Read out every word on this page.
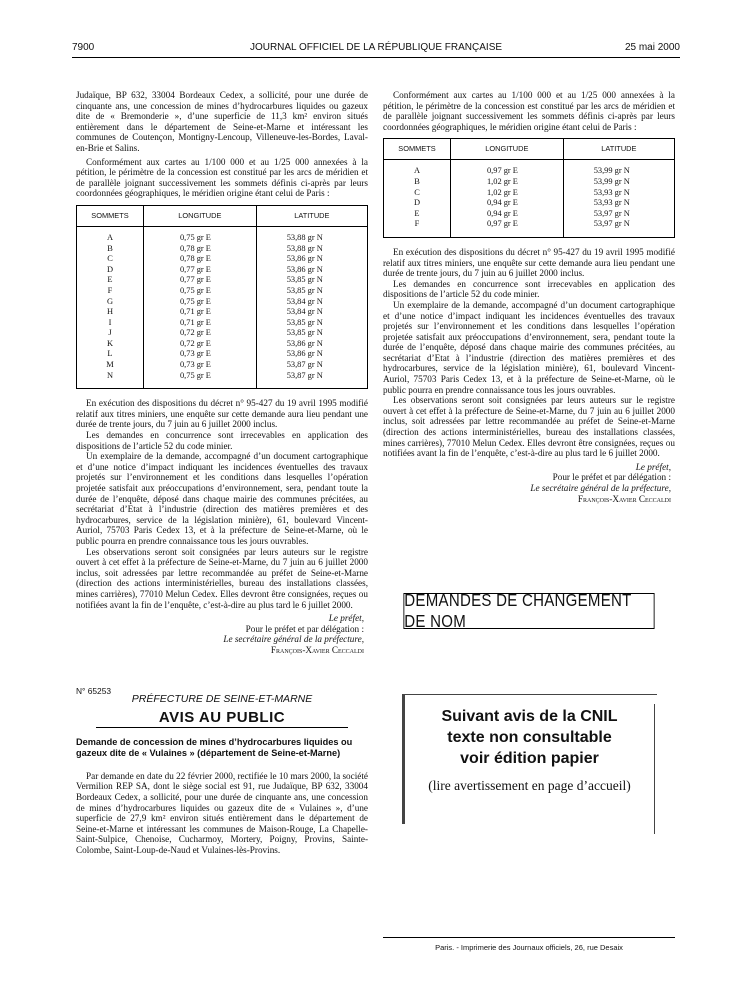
7900	JOURNAL OFFICIEL DE LA RÉPUBLIQUE FRANÇAISE	25 mai 2000

Judaïque, BP 632, 33004 Bordeaux Cedex, a sollicité, pour une durée de cinquante ans, une concession de mines d’hydrocarbures liquides ou gazeux dite de « Bremonderie », d’une superficie de 11,3 km² environ situés entièrement dans le département de Seine-et-Marne et intéressant les communes de Coutençon, Montigny-Lencoup, Villeneuve-les-Bordes, Laval-en-Brie et Salins.

Conformément aux cartes au 1/100 000 et au 1/25 000 annexées à la pétition, le périmètre de la concession est constitué par les arcs de méridien et de parallèle joignant successivement les sommets définis ci-après par leurs coordonnées géographiques, le méridien origine étant celui de Paris :

SOMMETS	LONGITUDE	LATITUDE
A	0,75 gr E	53,88 gr N
B	0,78 gr E	53,88 gr N
C	0,78 gr E	53,86 gr N
D	0,77 gr E	53,86 gr N
E	0,77 gr E	53,85 gr N
F	0,75 gr E	53,85 gr N
G	0,75 gr E	53,84 gr N
H	0,71 gr E	53,84 gr N
I	0,71 gr E	53,85 gr N
J	0,72 gr E	53,85 gr N
K	0,72 gr E	53,86 gr N
L	0,73 gr E	53,86 gr N
M	0,73 gr E	53,87 gr N
N	0,75 gr E	53,87 gr N

En exécution des dispositions du décret n° 95-427 du 19 avril 1995 modifié relatif aux titres miniers, une enquête sur cette demande aura lieu pendant une durée de trente jours, du 7 juin au 6 juillet 2000 inclus.

Les demandes en concurrence sont irrecevables en application des dispositions de l’article 52 du code minier.

Un exemplaire de la demande, accompagné d’un document cartographique et d’une notice d’impact indiquant les incidences éventuelles des travaux projetés sur l’environnement et les conditions dans lesquelles l’opération projetée satisfait aux préoccupations d’environnement, sera, pendant toute la durée de l’enquête, déposé dans chaque mairie des communes précitées, au secrétariat d’Etat à l’industrie (direction des matières premières et des hydrocarbures, service de la législation minière), 61, boulevard Vincent-Auriol, 75703 Paris Cedex 13, et à la préfecture de Seine-et-Marne, où le public pourra en prendre connaissance tous les jours ouvrables.

Les observations seront soit consignées par leurs auteurs sur le registre ouvert à cet effet à la préfecture de Seine-et-Marne, du 7 juin au 6 juillet 2000 inclus, soit adressées par lettre recommandée au préfet de Seine-et-Marne (direction des actions interministérielles, bureau des installations classées, mines carrières), 77010 Melun Cedex. Elles devront être consignées, reçues ou notifiées avant la fin de l’enquête, c’est-à-dire au plus tard le 6 juillet 2000.

Le préfet,
Pour le préfet et par délégation :
Le secrétaire général de la préfecture,
François-Xavier Ceccaldi
N° 65253
PRÉFECTURE DE SEINE-ET-MARNE
AVIS AU PUBLIC
Demande de concession de mines d’hydrocarbures liquides ou gazeux dite de « Vulaines » (département de Seine-et-Marne)

Par demande en date du 22 février 2000, rectifiée le 10 mars 2000, la société Vermilion REP SA, dont le siège social est 91, rue Judaïque, BP 632, 33004 Bordeaux Cedex, a sollicité, pour une durée de cinquante ans, une concession de mines d’hydrocarbures liquides ou gazeux dite de « Vulaines », d’une superficie de 27,9 km² environ situés entièrement dans le département de Seine-et-Marne et intéressant les communes de Maison-Rouge, La Chapelle-Saint-Sulpice, Chenoise, Cucharmoy, Mortery, Poigny, Provins, Sainte-Colombe, Saint-Loup-de-Naud et Vulaines-lès-Provins.

Conformément aux cartes au 1/100 000 et au 1/25 000 annexées à la pétition, le périmètre de la concession est constitué par les arcs de méridien et de parallèle joignant successivement les sommets définis ci-après par leurs coordonnées géographiques, le méridien origine étant celui de Paris :

SOMMETS	LONGITUDE	LATITUDE
A	0,97 gr E	53,99 gr N
B	1,02 gr E	53,99 gr N
C	1,02 gr E	53,93 gr N
D	0,94 gr E	53,93 gr N
E	0,94 gr E	53,97 gr N
F	0,97 gr E	53,97 gr N

En exécution des dispositions du décret n° 95-427 du 19 avril 1995 modifié relatif aux titres miniers, une enquête sur cette demande aura lieu pendant une durée de trente jours, du 7 juin au 6 juillet 2000 inclus.

Les demandes en concurrence sont irrecevables en application des dispositions de l’article 52 du code minier.

Un exemplaire de la demande, accompagné d’un document cartographique et d’une notice d’impact indiquant les incidences éventuelles des travaux projetés sur l’environnement et les conditions dans lesquelles l’opération projetée satisfait aux préoccupations d’environnement, sera, pendant toute la durée de l’enquête, déposé dans chaque mairie des communes précitées, au secrétariat d’Etat à l’industrie (direction des matières premières et des hydrocarbures, service de la législation minière), 61, boulevard Vincent-Auriol, 75703 Paris Cedex 13, et à la préfecture de Seine-et-Marne, où le public pourra en prendre connaissance tous les jours ouvrables.

Les observations seront soit consignées par leurs auteurs sur le registre ouvert à cet effet à la préfecture de Seine-et-Marne, du 7 juin au 6 juillet 2000 inclus, soit adressées par lettre recommandée au préfet de Seine-et-Marne (direction des actions interministérielles, bureau des installations classées, mines carrières), 77010 Melun Cedex. Elles devront être consignées, reçues ou notifiées avant la fin de l’enquête, c’est-à-dire au plus tard le 6 juillet 2000.

Le préfet,
Pour le préfet et par délégation :
Le secrétaire général de la préfecture,
François-Xavier Ceccaldi
DEMANDES DE CHANGEMENT DE NOM
Suivant avis de la CNIL
texte non consultable
voir édition papier
(lire avertissement en page d’accueil)
Paris. - Imprimerie des Journaux officiels, 26, rue Desaix
